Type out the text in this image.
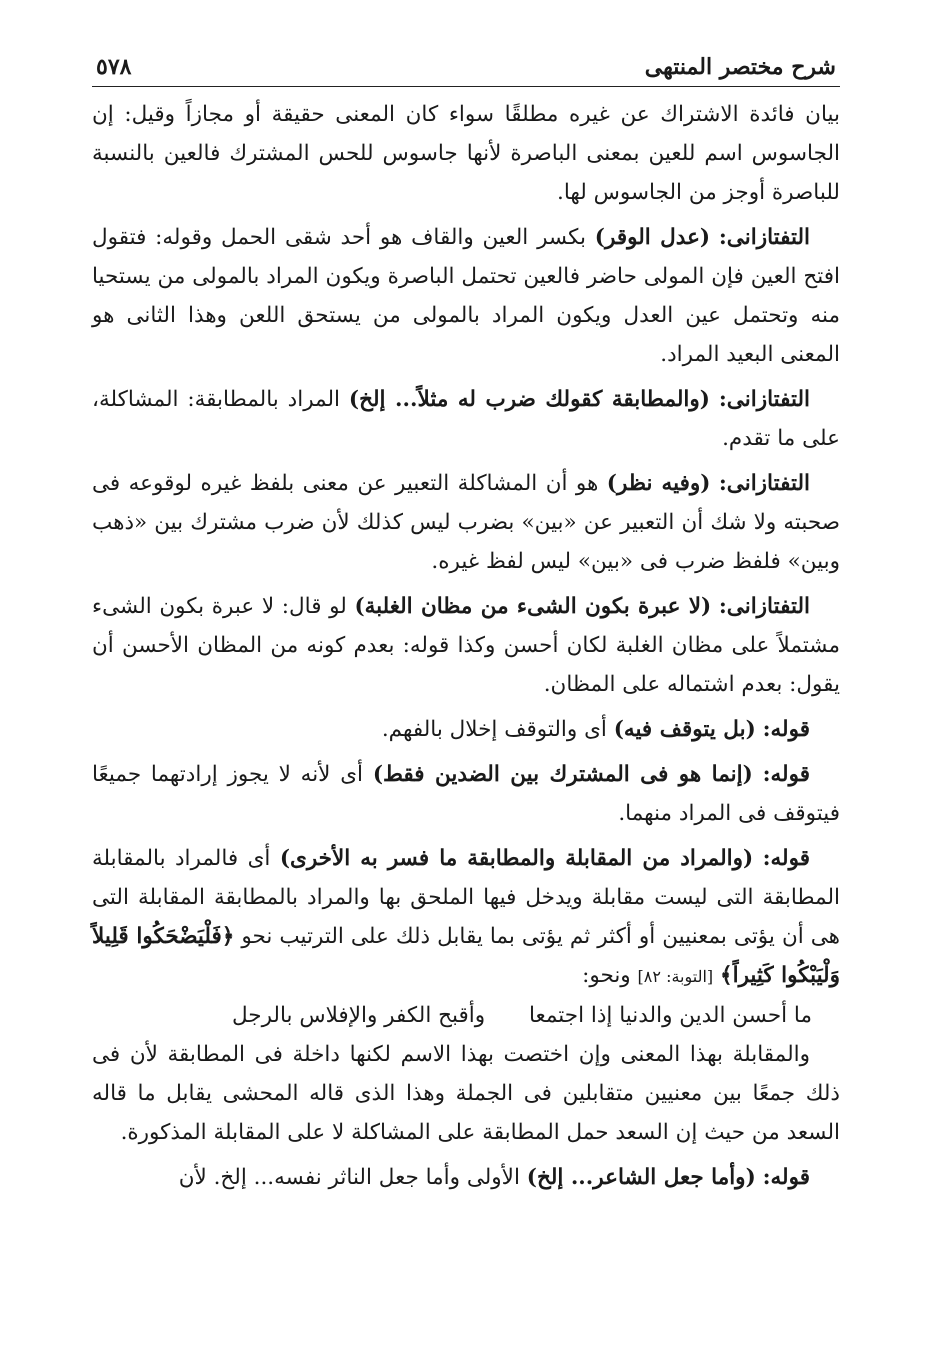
شرح مختصر المنتهى
٥٧٨

بيان فائدة الاشتراك عن غيره مطلقًا سواء كان المعنى حقيقة أو مجازاً وقيل: إن الجاسوس اسم للعين بمعنى الباصرة لأنها جاسوس للحس المشترك فالعين بالنسبة للباصرة أوجز من الجاسوس لها.

التفتازانى: (عدل الوقر) بكسر العين والقاف هو أحد شقى الحمل وقوله: فتقول افتح العين فإن المولى حاضر فالعين تحتمل الباصرة ويكون المراد بالمولى من يستحيا منه وتحتمل عين العدل ويكون المراد بالمولى من يستحق اللعن وهذا الثانى هو المعنى البعيد المراد.

التفتازانى: (والمطابقة كقولك ضرب له مثلاً... إلخ) المراد بالمطابقة: المشاكلة، على ما تقدم.

التفتازانى: (وفيه نظر) هو أن المشاكلة التعبير عن معنى بلفظ غيره لوقوعه فى صحبته ولا شك أن التعبير عن «بين» بضرب ليس كذلك لأن ضرب مشترك بين «ذهب وبين» فلفظ ضرب فى «بين» ليس لفظ غيره.

التفتازانى: (لا عبرة بكون الشىء من مظان الغلبة) لو قال: لا عبرة بكون الشىء مشتملاً على مظان الغلبة لكان أحسن وكذا قوله: بعدم كونه من المظان الأحسن أن يقول: بعدم اشتماله على المظان.

قوله: (بل يتوقف فيه) أى والتوقف إخلال بالفهم.

قوله: (إنما هو فى المشترك بين الضدين فقط) أى لأنه لا يجوز إرادتهما جميعًا فيتوقف فى المراد منهما.

قوله: (والمراد من المقابلة والمطابقة ما فسر به الأخرى) أى فالمراد بالمقابلة المطابقة التى ليست مقابلة ويدخل فيها الملحق بها والمراد بالمطابقة المقابلة التى هى أن يؤتى بمعنيين أو أكثر ثم يؤتى بما يقابل ذلك على الترتيب نحو ﴿فَلْيَضْحَكُوا قَلِيلاً وَلْيَبْكُوا كَثِيراً﴾ [التوبة: ٨٢] ونحو:

ما أحسن الدين والدنيا إذا اجتمعا
وأقبح الكفر والإفلاس بالرجل

والمقابلة بهذا المعنى وإن اختصت بهذا الاسم لكنها داخلة فى المطابقة لأن فى ذلك جمعًا بين معنيين متقابلين فى الجملة وهذا الذى قاله المحشى يقابل ما قاله السعد من حيث إن السعد حمل المطابقة على المشاكلة لا على المقابلة المذكورة.

قوله: (وأما جعل الشاعر... إلخ) الأولى وأما جعل الناثر نفسه... إلخ. لأن
